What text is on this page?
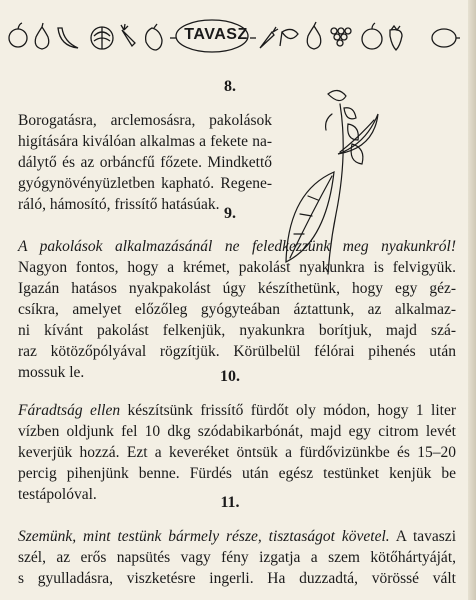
TAVASZ
8.

Borogatásra, arclemosásra, pakolások
higítására kiválóan alkalmas a fekete na-
dálytő és az orbáncfű főzete. Mindkettő
gyógynövényüzletben kapható. Regene-
ráló, hámosító, frissítő hatásúak.

9.

A pakolások alkalmazásánál ne feledkezzünk meg nyakunkról!
Nagyon fontos, hogy a krémet, pakolást nyakunkra is felvigyük.
Igazán hatásos nyakpakolást úgy készíthetünk, hogy egy géz-
csíkra, amelyet előzőleg gyógyteában áztattunk, az alkalmaz-
ni kívánt pakolást felkenjük, nyakunkra borítjuk, majd szá-
raz kötözőpólyával rögzítjük. Körülbelül félórai pihenés után
mossuk le.	10.

Fáradtság ellen készítsünk frissítő fürdőt oly módon, hogy 1 liter
vízben oldjunk fel 10 dkg szódabikarbónát, majd egy citrom levét
keverjük hozzá. Ezt a keveréket öntsük a fürdővizünkbe és 15–20
percig pihenjünk benne. Fürdés után egész testünket kenjük be
testápolóval.	11.

Szemünk, mint testünk bármely része, tisztaságot követel. A tavaszi
szél, az erős napsütés vagy fény izgatja a szem kötőhártyáját,
s gyulladásra, viszketésre ingerli. Ha duzzadtá, vörössé vált
